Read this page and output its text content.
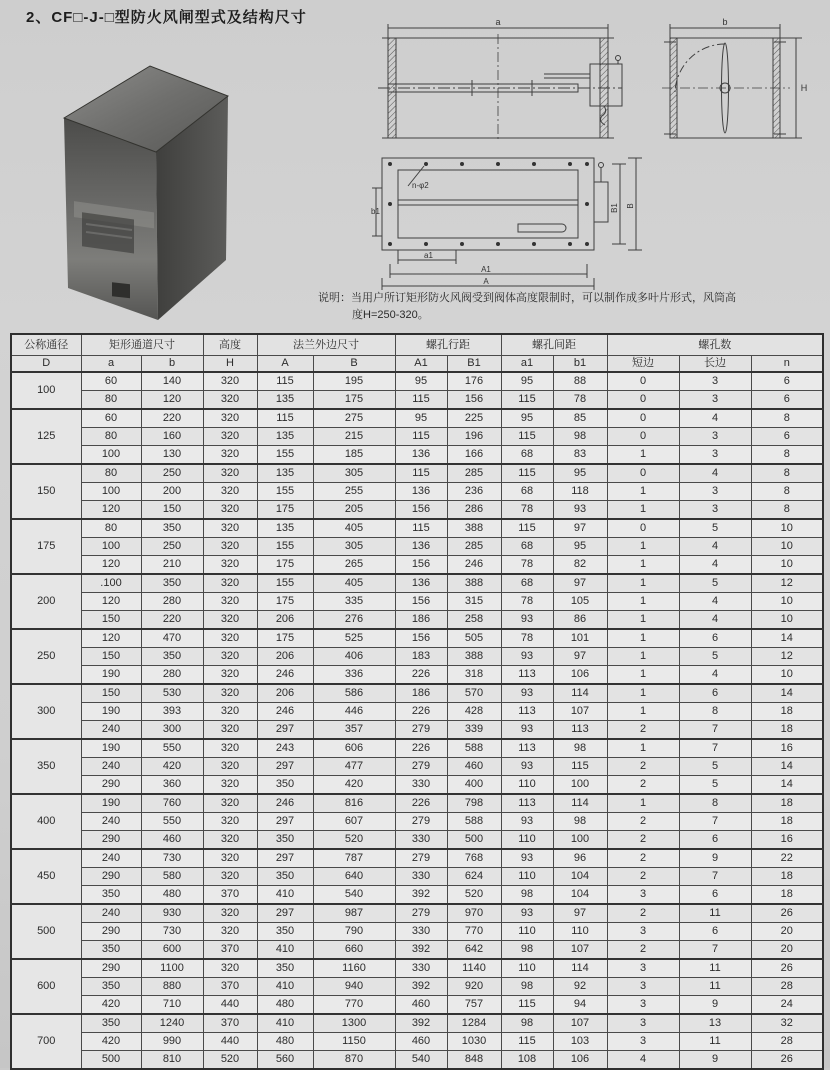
2、CF□-J-□型防火风闸型式及结构尺寸	a	b
H
n-φ2
b1
a1
A1
A
B1 B
说明：当用户所订矩形防火风阀受到阀体高度限制时，可以制作成多叶片形式，风筒高
度H=250-320。
公称通径	矩形通道尺寸		高度	法兰外边尺寸		螺孔行距		螺孔间距		螺孔数		
D	a	b	H	A	B	A1	B1	a1	b1	短边	长边	n
100	60	140	320	115	195	95	176	95	88	0	3	6
	80	120	320	135	175	115	156	115	78	0	3	6
125	60	220	320	115	275	95	225	95	85	0	4	8
	80	160	320	135	215	115	196	115	98	0	3	6
	100	130	320	155	185	136	166	68	83	1	3	8
150	80	250	320	135	305	115	285	115	95	0	4	8
	100	200	320	155	255	136	236	68	118	1	3	8
	120	150	320	175	205	156	286	78	93	1	3	8
175	80	350	320	135	405	115	388	115	97	0	5	10
	100	250	320	155	305	136	285	68	95	1	4	10
	120	210	320	175	265	156	246	78	82	1	4	10
200	.100	350	320	155	405	136	388	68	97	1	5	12
	120	280	320	175	335	156	315	78	105	1	4	10
	150	220	320	206	276	186	258	93	86	1	4	10
250	120	470	320	175	525	156	505	78	101	1	6	14
	150	350	320	206	406	183	388	93	97	1	5	12
	190	280	320	246	336	226	318	113	106	1	4	10
300	150	530	320	206	586	186	570	93	114	1	6	14
	190	393	320	246	446	226	428	113	107	1	8	18
	240	300	320	297	357	279	339	93	113	2	7	18
350	190	550	320	243	606	226	588	113	98	1	7	16
	240	420	320	297	477	279	460	93	115	2	5	14
	290	360	320	350	420	330	400	110	100	2	5	14
400	190	760	320	246	816	226	798	113	114	1	8	18
	240	550	320	297	607	279	588	93	98	2	7	18
	290	460	320	350	520	330	500	110	100	2	6	16
450	240	730	320	297	787	279	768	93	96	2	9	22
	290	580	320	350	640	330	624	110	104	2	7	18
	350	480	370	410	540	392	520	98	104	3	6	18
500	240	930	320	297	987	279	970	93	97	2	11	26
	290	730	320	350	790	330	770	110	110	3	6	20
	350	600	370	410	660	392	642	98	107	2	7	20
600	290	1100	320	350	1160	330	1140	110	114	3	11	26
	350	880	370	410	940	392	920	98	92	3	11	28
	420	710	440	480	770	460	757	115	94	3	9	24
700	350	1240	370	410	1300	392	1284	98	107	3	13	32
	420	990	440	480	1150	460	1030	115	103	3	11	28
	500	810	520	560	870	540	848	108	106	4	9	26
